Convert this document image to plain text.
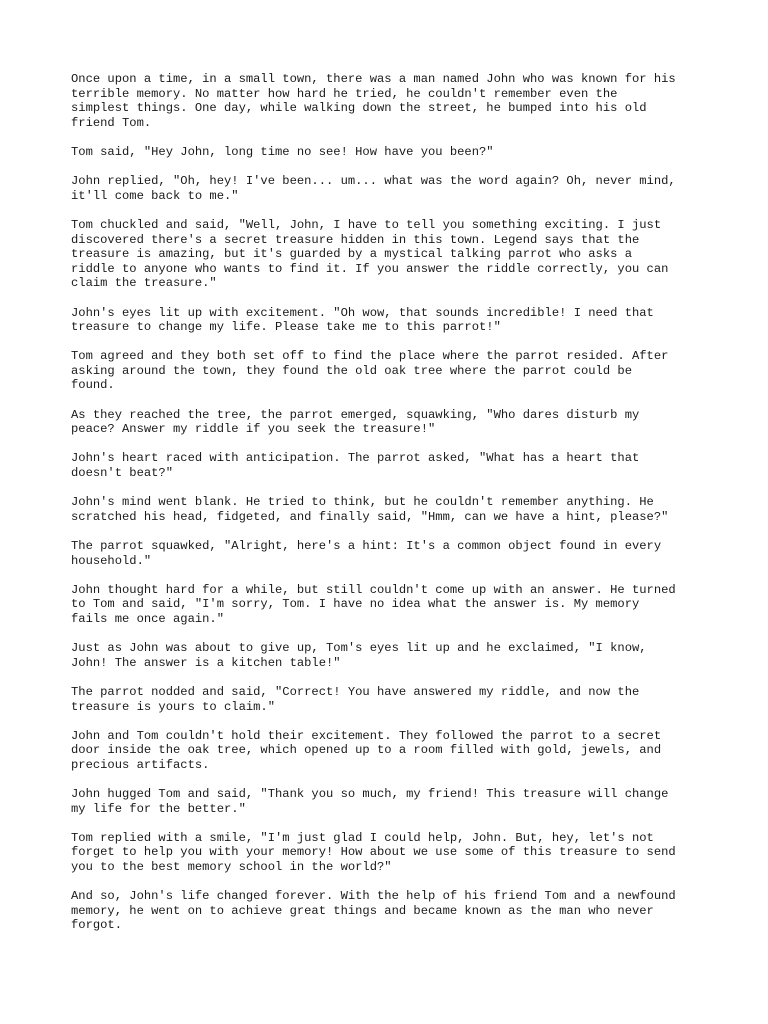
Once upon a time, in a small town, there was a man named John who was known for his
terrible memory. No matter how hard he tried, he couldn't remember even the
simplest things. One day, while walking down the street, he bumped into his old
friend Tom.

Tom said, "Hey John, long time no see! How have you been?"

John replied, "Oh, hey! I've been... um... what was the word again? Oh, never mind,
it'll come back to me."

Tom chuckled and said, "Well, John, I have to tell you something exciting. I just
discovered there's a secret treasure hidden in this town. Legend says that the
treasure is amazing, but it's guarded by a mystical talking parrot who asks a
riddle to anyone who wants to find it. If you answer the riddle correctly, you can
claim the treasure."

John's eyes lit up with excitement. "Oh wow, that sounds incredible! I need that
treasure to change my life. Please take me to this parrot!"

Tom agreed and they both set off to find the place where the parrot resided. After
asking around the town, they found the old oak tree where the parrot could be
found.

As they reached the tree, the parrot emerged, squawking, "Who dares disturb my
peace? Answer my riddle if you seek the treasure!"

John's heart raced with anticipation. The parrot asked, "What has a heart that
doesn't beat?"

John's mind went blank. He tried to think, but he couldn't remember anything. He
scratched his head, fidgeted, and finally said, "Hmm, can we have a hint, please?"

The parrot squawked, "Alright, here's a hint: It's a common object found in every
household."

John thought hard for a while, but still couldn't come up with an answer. He turned
to Tom and said, "I'm sorry, Tom. I have no idea what the answer is. My memory
fails me once again."

Just as John was about to give up, Tom's eyes lit up and he exclaimed, "I know,
John! The answer is a kitchen table!"

The parrot nodded and said, "Correct! You have answered my riddle, and now the
treasure is yours to claim."

John and Tom couldn't hold their excitement. They followed the parrot to a secret
door inside the oak tree, which opened up to a room filled with gold, jewels, and
precious artifacts.

John hugged Tom and said, "Thank you so much, my friend! This treasure will change
my life for the better."

Tom replied with a smile, "I'm just glad I could help, John. But, hey, let's not
forget to help you with your memory! How about we use some of this treasure to send
you to the best memory school in the world?"

And so, John's life changed forever. With the help of his friend Tom and a newfound
memory, he went on to achieve great things and became known as the man who never
forgot.
